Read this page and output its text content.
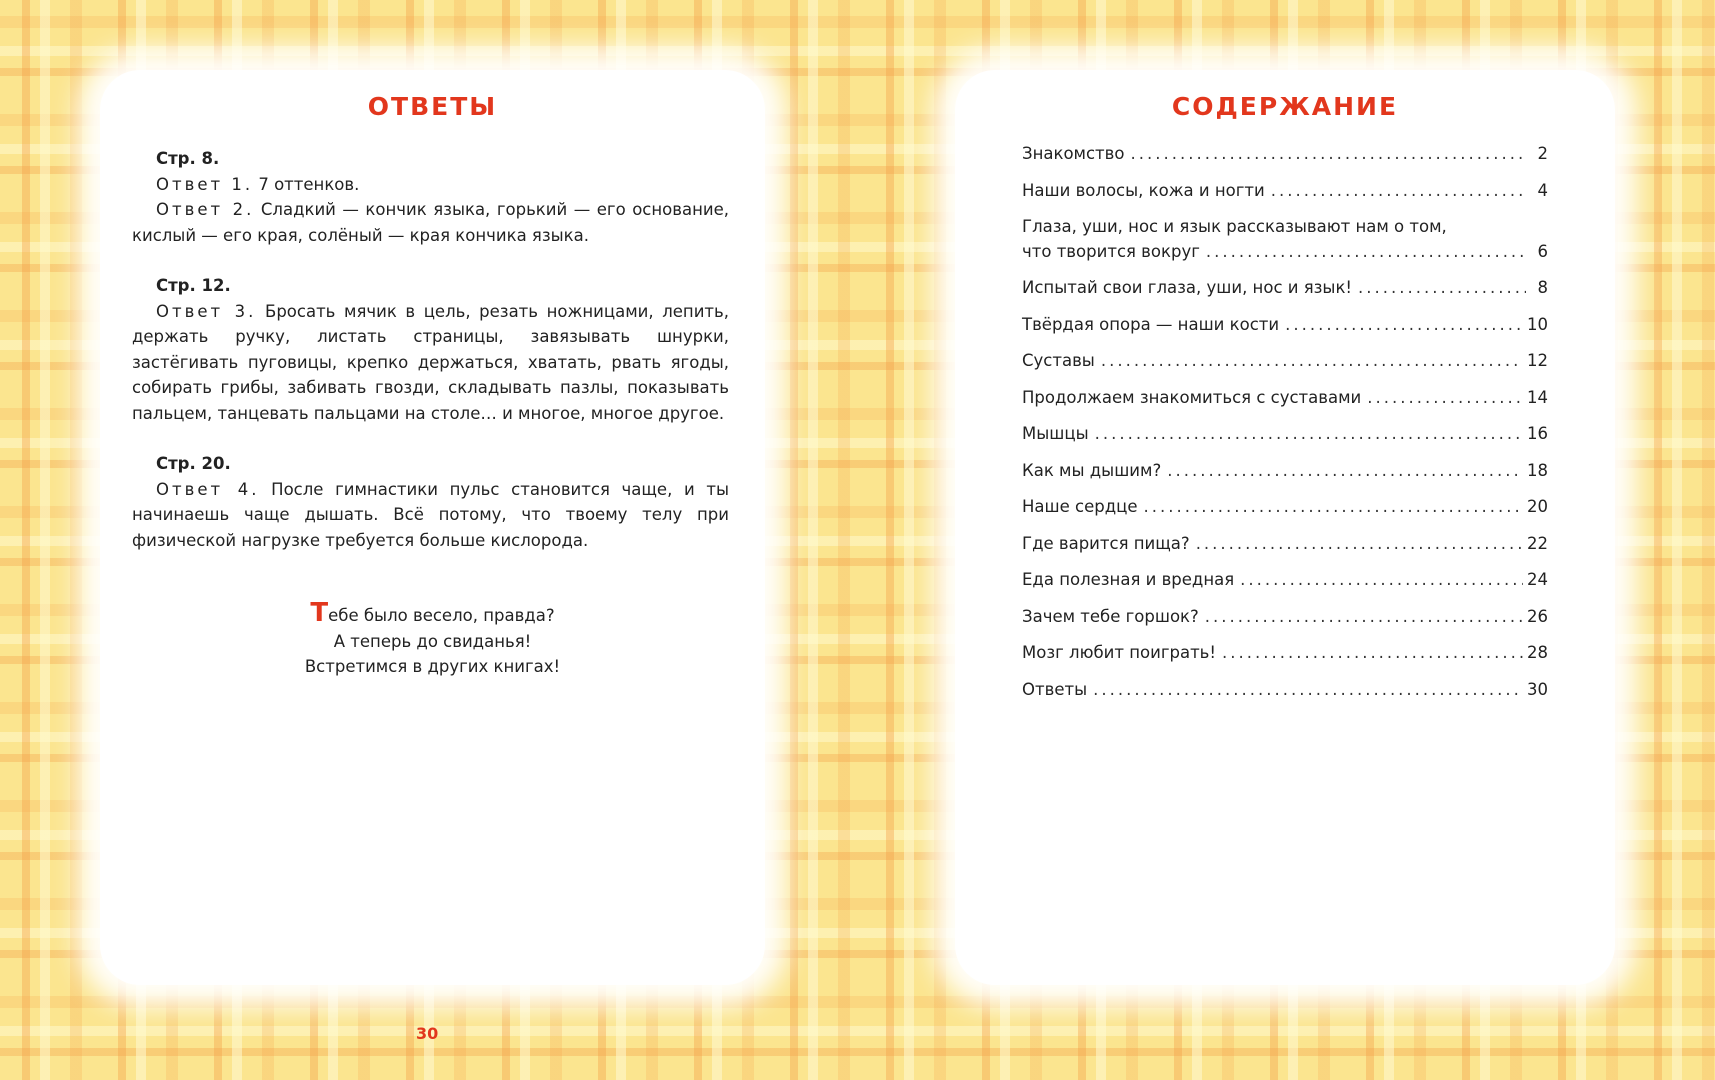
ОТВЕТЫ
Стр. 8.
Ответ 1. 7 оттенков.
Ответ 2. Сладкий — кончик языка, горький — его основание, кислый — его края, солёный — края кончика языка.
Стр. 12.
Ответ 3. Бросать мячик в цель, резать ножницами, лепить, держать ручку, листать страницы, завязывать шнурки, застёгивать пуговицы, крепко держаться, хватать, рвать ягоды, собирать грибы, забивать гвозди, складывать пазлы, показывать пальцем, танцевать пальцами на столе… и многое, многое другое.
Стр. 20.
Ответ 4. После гимнастики пульс становится чаще, и ты начинаешь чаще дышать. Всё потому, что твоему телу при физической нагрузке требуется больше кислорода.
Тебе было весело, правда?
А теперь до свиданья!
Встретимся в других книгах!
СОДЕРЖАНИЕ
Знакомство .....	2
Наши волосы, кожа и ногти .....	4
Глаза, уши, нос и язык рассказывают нам о том,
что творится вокруг .....	6
Испытай свои глаза, уши, нос и язык! .....	8
Твёрдая опора — наши кости .....	10
Суставы .....	12
Продолжаем знакомиться с суставами .....	14
Мышцы .....	16
Как мы дышим? .....	18
Наше сердце .....	20
Где варится пища? .....	22
Еда полезная и вредная .....	24
Зачем тебе горшок? .....	26
Мозг любит поиграть! .....	28
Ответы .....	30
30
